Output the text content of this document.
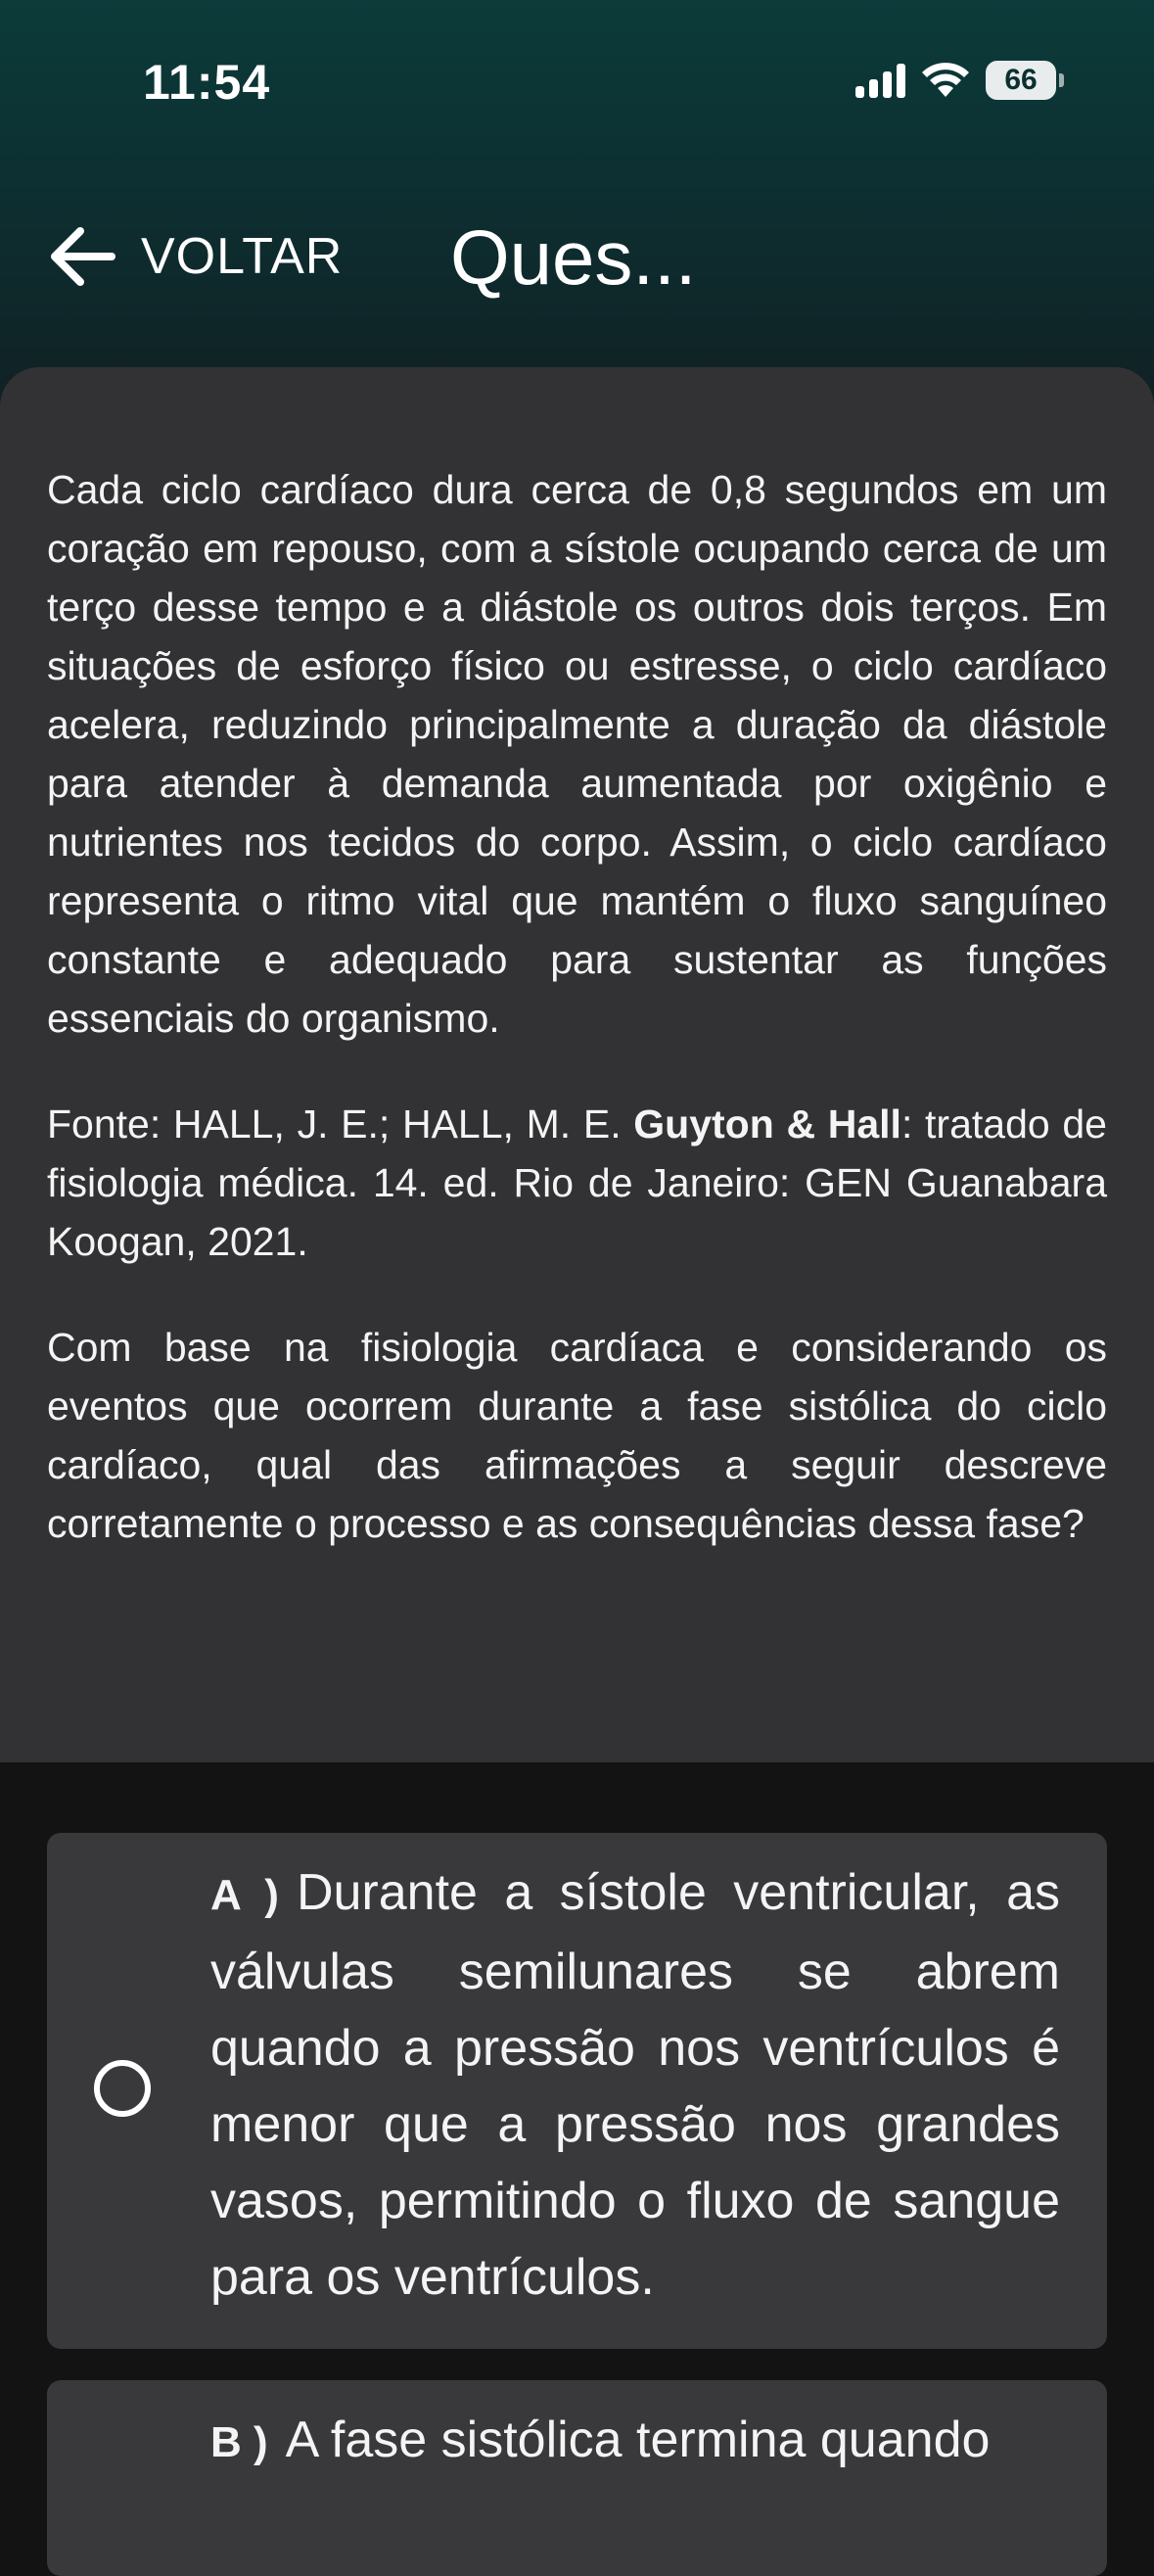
11:54	66
VOLTAR Ques...

Cada ciclo cardíaco dura cerca de 0,8 segundos em um coração em repouso, com a sístole ocupando cerca de um terço desse tempo e a diástole os outros dois terços. Em situações de esforço físico ou estresse, o ciclo cardíaco acelera, reduzindo principalmente a duração da diástole para atender à demanda aumentada por oxigênio e nutrientes nos tecidos do corpo. Assim, o ciclo cardíaco representa o ritmo vital que mantém o fluxo sanguíneo constante e adequado para sustentar as funções essenciais do organismo.

Fonte: HALL, J. E.; HALL, M. E. Guyton & Hall: tratado de fisiologia médica. 14. ed. Rio de Janeiro: GEN Guanabara Koogan, 2021.

Com base na fisiologia cardíaca e considerando os eventos que ocorrem durante a fase sistólica do ciclo cardíaco, qual das afirmações a seguir descreve corretamente o processo e as consequências dessa fase?

A ) Durante a sístole ventricular, as válvulas semilunares se abrem quando a pressão nos ventrículos é menor que a pressão nos grandes vasos, permitindo o fluxo de sangue para os ventrículos.
B ) A fase sistólica termina quando
